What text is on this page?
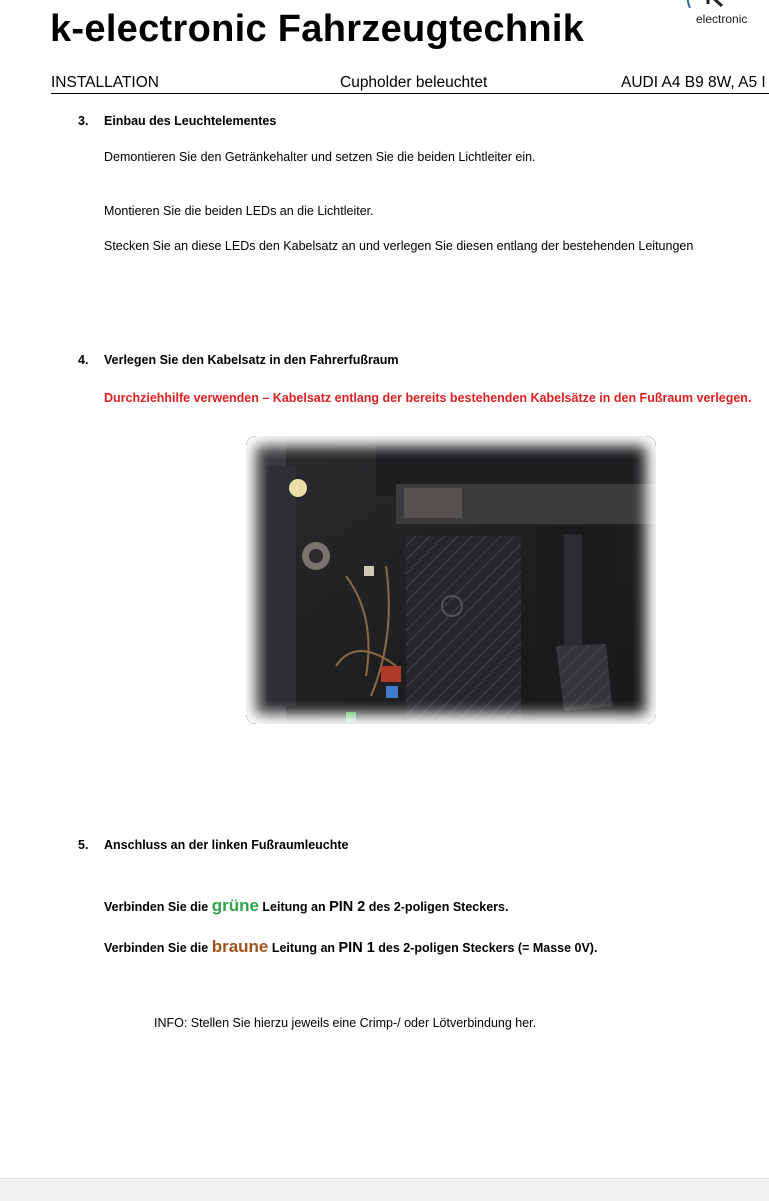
k-electronic Fahrzeugtechnik	electronic
INSTALLATION	Cupholder beleuchtet	AUDI A4 B9 8W, A5 I
3. Einbau des Leuchtelementes
Demontieren Sie den Getränkehalter und setzen Sie die beiden Lichtleiter ein.
Montieren Sie die beiden LEDs an die Lichtleiter.
Stecken Sie an diese LEDs den Kabelsatz an und verlegen Sie diesen entlang der bestehenden Leitungen
4. Verlegen Sie den Kabelsatz in den Fahrerfußraum
Durchziehhilfe verwenden – Kabelsatz entlang der bereits bestehenden Kabelsätze in den Fußraum verlegen.
5. Anschluss an der linken Fußraumleuchte
Verbinden Sie die grüne Leitung an PIN 2 des 2-poligen Steckers.
Verbinden Sie die braune Leitung an PIN 1 des 2-poligen Steckers (= Masse 0V).
INFO: Stellen Sie hierzu jeweils eine Crimp-/ oder Lötverbindung her.
